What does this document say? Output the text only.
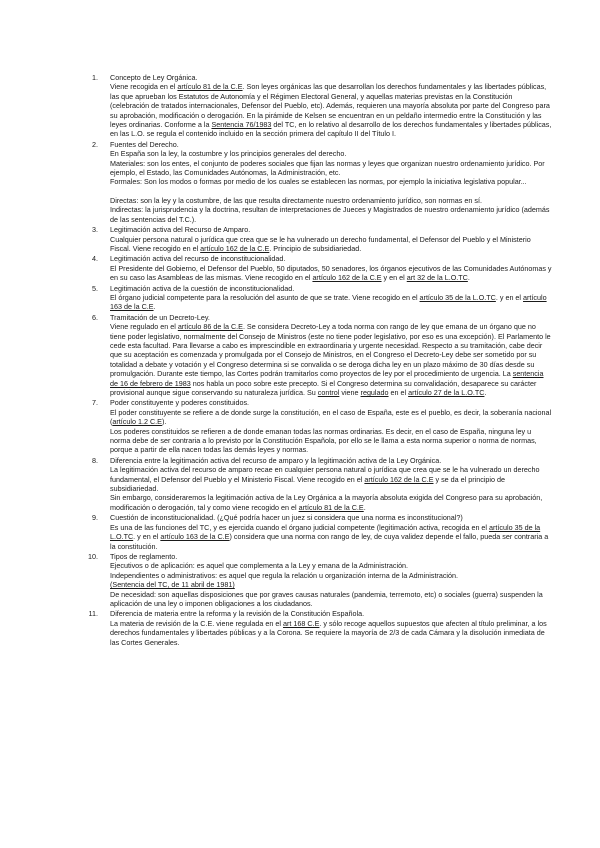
1. Concepto de Ley Orgánica.
Viene recogida en el artículo 81 de la C.E. Son leyes orgánicas las que desarrollan los derechos fundamentales y las libertades públicas, las que aprueban los Estatutos de Autonomía y el Régimen Electoral General, y aquellas materias previstas en la Constitución (celebración de tratados internacionales, Defensor del Pueblo, etc). Además, requieren una mayoría absoluta por parte del Congreso para su aprobación, modificación o derogación. En la pirámide de Kelsen se encuentran en un peldaño intermedio entre la Constitución y las leyes ordinarias. Conforme a la Sentencia 76/1983 del TC, en lo relativo al desarrollo de los derechos fundamentales y libertades públicas, en las L.O. se regula el contenido incluido en la sección primera del capítulo II del Título I.
2. Fuentes del Derecho.
En España son la ley, la costumbre y los principios generales del derecho.
Materiales: son los entes, el conjunto de poderes sociales que fijan las normas y leyes que organizan nuestro ordenamiento jurídico. Por ejemplo, el Estado, las Comunidades Autónomas, la Administración, etc.
Formales: Son los modos o formas por medio de los cuales se establecen las normas, por ejemplo la iniciativa legislativa popular...
Directas: son la ley y la costumbre, de las que resulta directamente nuestro ordenamiento jurídico, son normas en sí.
Indirectas: la jurisprudencia y la doctrina, resultan de interpretaciones de Jueces y Magistrados de nuestro ordenamiento jurídico (además de las sentencias del T.C.).
3. Legitimación activa del Recurso de Amparo.
Cualquier persona natural o jurídica que crea que se le ha vulnerado un derecho fundamental, el Defensor del Pueblo y el Ministerio Fiscal. Viene recogido en el artículo 162 de la C.E. Principio de subsidiariedad.
4. Legitimación activa del recurso de inconstitucionalidad.
El Presidente del Gobierno, el Defensor del Pueblo, 50 diputados, 50 senadores, los órganos ejecutivos de las Comunidades Autónomas y en su caso las Asambleas de las mismas. Viene recogido en el artículo 162 de la C.E y en el art 32 de la L.O.TC.
5. Legitimación activa de la cuestión de inconstitucionalidad.
El órgano judicial competente para la resolución del asunto de que se trate. Viene recogido en el artículo 35 de la L.O.TC. y en el artículo 163 de la C.E.
6. Tramitación de un Decreto-Ley.
Viene regulado en el artículo 86 de la C.E. Se considera Decreto-Ley a toda norma con rango de ley que emana de un órgano que no tiene poder legislativo, normalmente del Consejo de Ministros (este no tiene poder legislativo, por eso es una excepción). El Parlamento le cede esta facultad. Para llevarse a cabo es imprescindible en extraordinaria y urgente necesidad. Respecto a su tramitación, cabe decir que su aceptación es comenzada y promulgada por el Consejo de Ministros, en el Congreso el Decreto-Ley debe ser sometido por su totalidad a debate y votación y el Congreso determina si se convalida o se deroga dicha ley en un plazo máximo de 30 días desde su promulgación. Durante este tiempo, las Cortes podrán tramitarlos como proyectos de ley por el procedimiento de urgencia. La sentencia de 16 de febrero de 1983 nos habla un poco sobre este precepto. Si el Congreso determina su convalidación, desaparece su carácter provisional aunque sigue conservando su naturaleza jurídica. Su control viene regulado en el artículo 27 de la L.O.TC.
7. Poder constituyente y poderes constituidos.
El poder constituyente se refiere a de donde surge la constitución, en el caso de España, este es el pueblo, es decir, la soberanía nacional (artículo 1.2 C.E).
Los poderes constituidos se refieren a de donde emanan todas las normas ordinarias. Es decir, en el caso de España, ninguna ley u norma debe de ser contraria a lo previsto por la Constitución Española, por ello se le llama a esta norma superior o norma de normas, porque a partir de ella nacen todas las demás leyes y normas.
8. Diferencia entre la legitimación activa del recurso de amparo y la legitimación activa de la Ley Orgánica.
La legitimación activa del recurso de amparo recae en cualquier persona natural o jurídica que crea que se le ha vulnerado un derecho fundamental, el Defensor del Pueblo y el Ministerio Fiscal. Viene recogido en el artículo 162 de la C.E y se da el principio de subsidiariedad.
Sin embargo, consideraremos la legitimación activa de la Ley Orgánica a la mayoría absoluta exigida del Congreso para su aprobación, modificación o derogación, tal y como viene recogido en el artículo 81 de la C.E.
9. Cuestión de inconstitucionalidad. (¿Qué podría hacer un juez si considera que una norma es inconstitucional?)
Es una de las funciones del TC, y es ejercida cuando el órgano judicial competente (legitimación activa, recogida en el artículo 35 de la L.O.TC. y en el artículo 163 de la C.E) considera que una norma con rango de ley, de cuya validez depende el fallo, pueda ser contraria a la constitución.
10. Tipos de reglamento.
Ejecutivos o de aplicación: es aquel que complementa a la Ley y emana de la Administración.
Independientes o administrativos: es aquel que regula la relación u organización interna de la Administración.
(Sentencia del TC, de 11 abril de 1981)
De necesidad: son aquellas disposiciones que por graves causas naturales (pandemia, terremoto, etc) o sociales (guerra) suspenden la aplicación de una ley o imponen obligaciones a los ciudadanos.
11. Diferencia de materia entre la reforma y la revisión de la Constitución Española.
La materia de revisión de la C.E. viene regulada en el art 168 C.E. y sólo recoge aquellos supuestos que afecten al título preliminar, a los derechos fundamentales y libertades públicas y a la Corona. Se requiere la mayoría de 2/3 de cada Cámara y la disolución inmediata de las Cortes Generales.
